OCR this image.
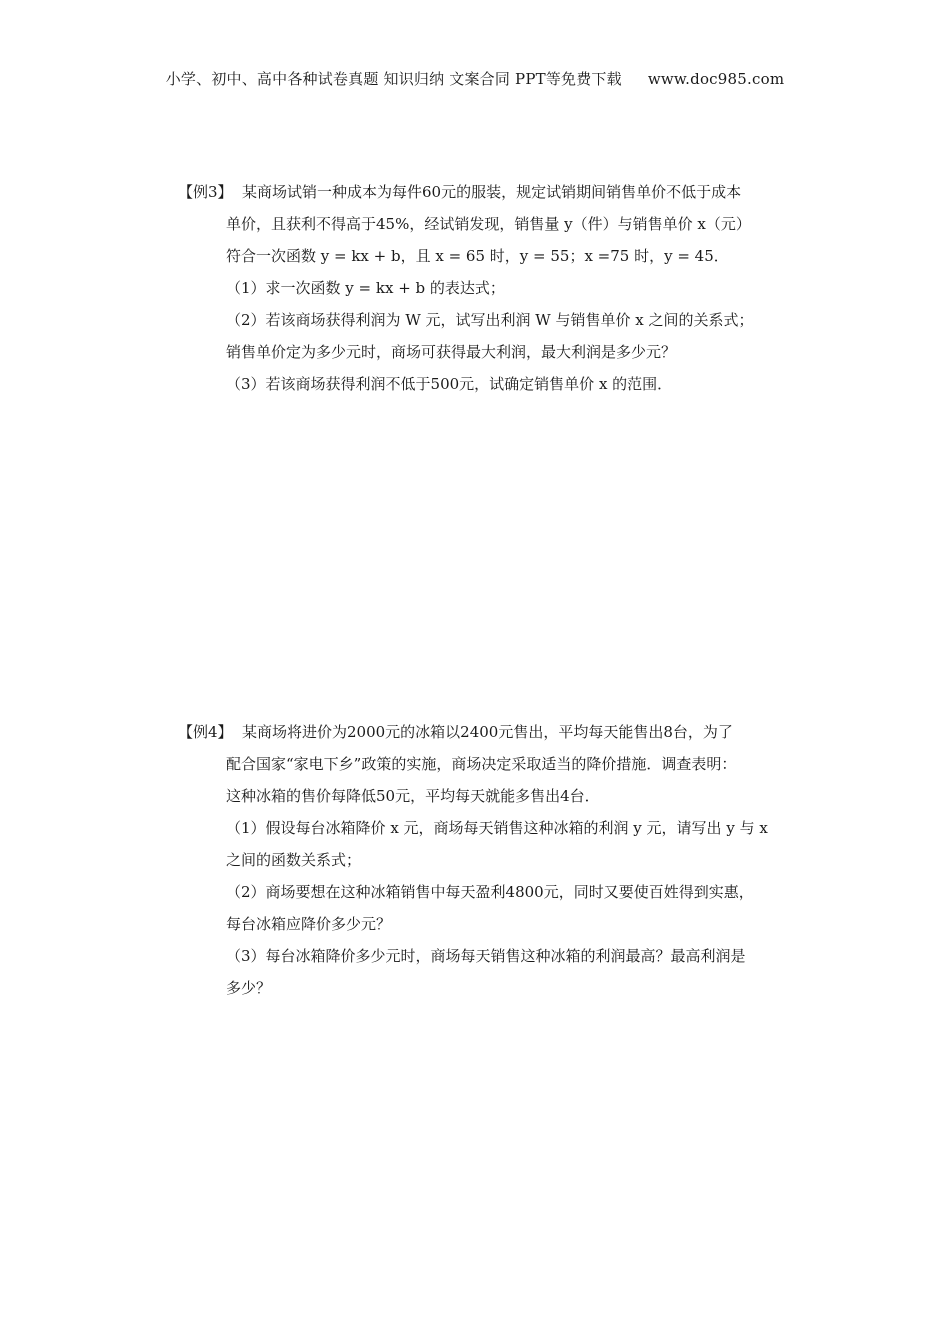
小学、初中、高中各种试卷真题 知识归纳 文案合同 PPT等免费下载 www.doc985.com
【例3】 某商场试销一种成本为每件60元的服装，规定试销期间销售单价不低于成本
单价，且获利不得高于45%，经试销发现，销售量 y（件）与销售单价 x（元）
符合一次函数 y = kx + b，且 x = 65 时，y = 55；x =75 时，y = 45．
（1）求一次函数 y = kx + b 的表达式；
（2）若该商场获得利润为 W 元，试写出利润 W 与销售单价 x 之间的关系式；
销售单价定为多少元时，商场可获得最大利润，最大利润是多少元？
（3）若该商场获得利润不低于500元，试确定销售单价 x 的范围．
【例4】 某商场将进价为2000元的冰箱以2400元售出，平均每天能售出8台，为了
配合国家“家电下乡”政策的实施，商场决定采取适当的降价措施．调查表明：
这种冰箱的售价每降低50元，平均每天就能多售出4台．
（1）假设每台冰箱降价 x 元，商场每天销售这种冰箱的利润 y 元，请写出 y 与 x
之间的函数关系式；
（2）商场要想在这种冰箱销售中每天盈利4800元，同时又要使百姓得到实惠，
每台冰箱应降价多少元？
（3）每台冰箱降价多少元时，商场每天销售这种冰箱的利润最高？最高利润是
多少？
